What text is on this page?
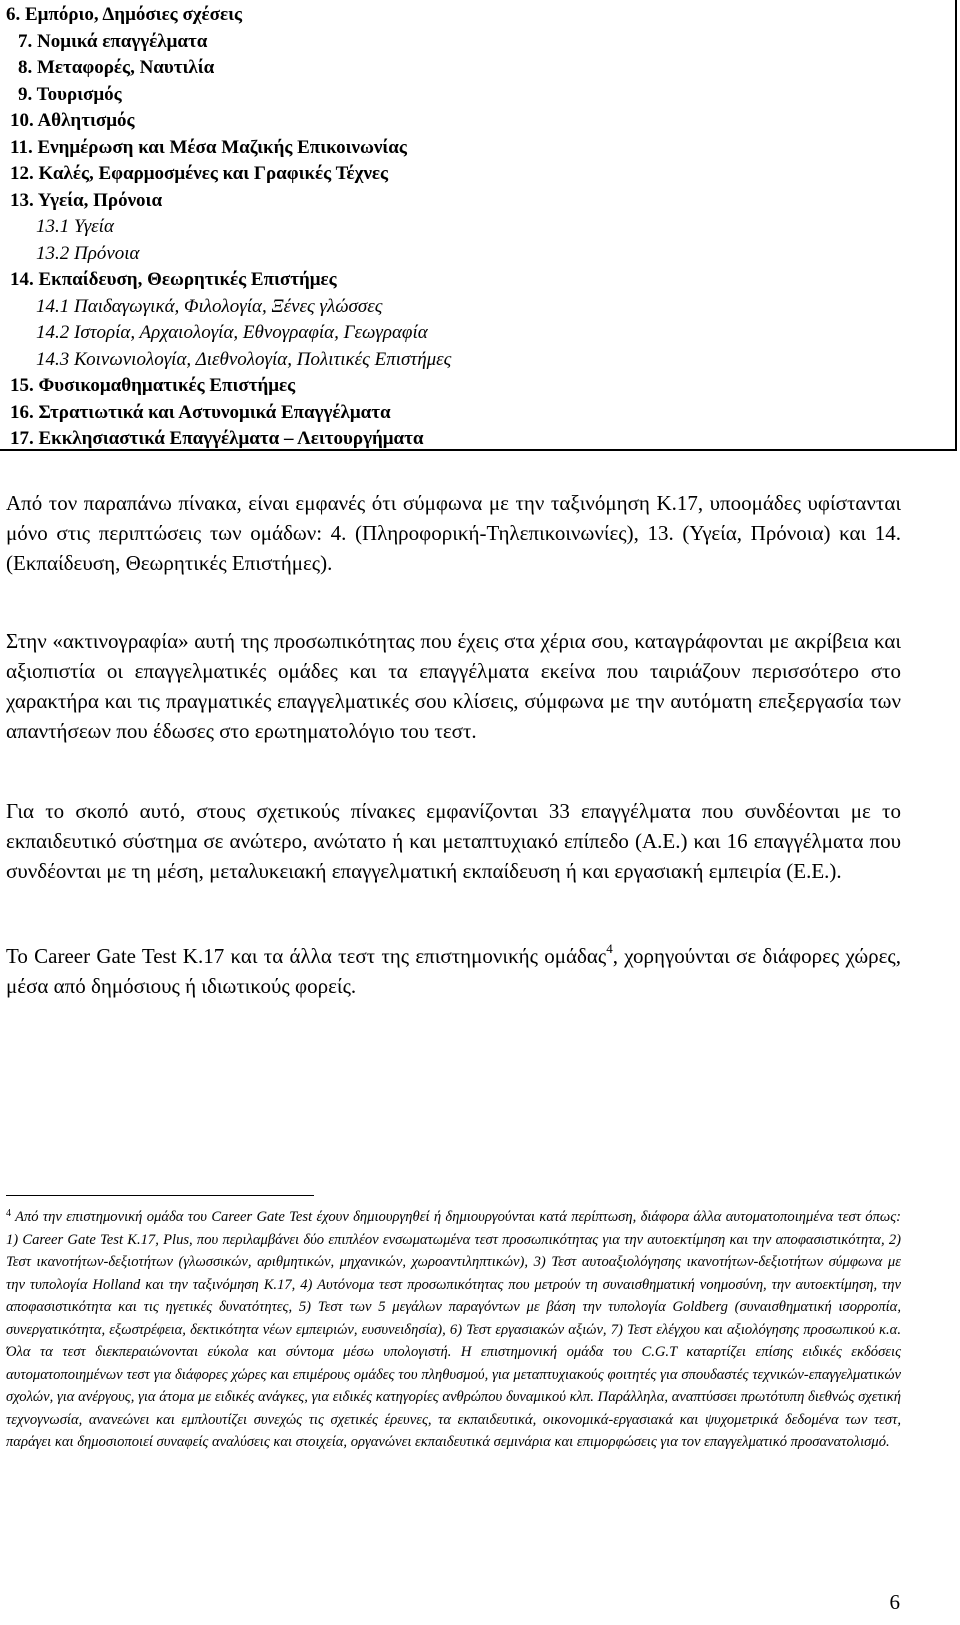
6. Εμπόριο, Δημόσιες σχέσεις
7. Νομικά επαγγέλματα
8. Μεταφορές, Ναυτιλία
9. Τουρισμός
10. Αθλητισμός
11. Ενημέρωση και Μέσα Μαζικής Επικοινωνίας
12. Καλές, Εφαρμοσμένες και Γραφικές Τέχνες
13. Υγεία, Πρόνοια
13.1 Υγεία
13.2 Πρόνοια
14. Εκπαίδευση, Θεωρητικές Επιστήμες
14.1 Παιδαγωγικά, Φιλολογία, Ξένες γλώσσες
14.2 Ιστορία, Αρχαιολογία, Εθνογραφία, Γεωγραφία
14.3 Κοινωνιολογία, Διεθνολογία, Πολιτικές Επιστήμες
15. Φυσικομαθηματικές Επιστήμες
16. Στρατιωτικά και Αστυνομικά Επαγγέλματα
17. Εκκλησιαστικά Επαγγέλματα – Λειτουργήματα

Από τον παραπάνω πίνακα, είναι εμφανές ότι σύμφωνα με την ταξινόμηση Κ.17, υποομάδες υφίστανται μόνο στις περιπτώσεις των ομάδων: 4. (Πληροφορική-Τηλεπικοινωνίες), 13. (Υγεία, Πρόνοια) και 14. (Εκπαίδευση, Θεωρητικές Επιστήμες).

Στην «ακτινογραφία» αυτή της προσωπικότητας που έχεις στα χέρια σου, καταγράφονται με ακρίβεια και αξιοπιστία οι επαγγελματικές ομάδες και τα επαγγέλματα εκείνα που ταιριάζουν περισσότερο στο χαρακτήρα και τις πραγματικές επαγγελματικές σου κλίσεις, σύμφωνα με την αυτόματη επεξεργασία των απαντήσεων που έδωσες στο ερωτηματολόγιο του τεστ.

Για το σκοπό αυτό, στους σχετικούς πίνακες εμφανίζονται 33 επαγγέλματα που συνδέονται με το εκπαιδευτικό σύστημα σε ανώτερο, ανώτατο ή και μεταπτυχιακό επίπεδο (Α.Ε.) και 16 επαγγέλματα που συνδέονται με τη μέση, μεταλυκειακή επαγγελματική εκπαίδευση ή και εργασιακή εμπειρία (Ε.Ε.).

Το Career Gate Test Κ.17 και τα άλλα τεστ της επιστημονικής ομάδας$^4$, χορηγούνται σε διάφορες χώρες, μέσα από δημόσιους ή ιδιωτικούς φορείς.

$^4$ Από την επιστημονική ομάδα του Career Gate Test έχουν δημιουργηθεί ή δημιουργούνται κατά περίπτωση, διάφορα άλλα αυτοματοποιημένα τεστ όπως: 1) Career Gate Test Κ.17, Plus, που περιλαμβάνει δύο επιπλέον ενσωματωμένα τεστ προσωπικότητας για την αυτοεκτίμηση και την αποφασιστικότητα, 2) Τεστ ικανοτήτων-δεξιοτήτων (γλωσσικών, αριθμητικών, μηχανικών, χωροαντιληπτικών), 3) Τεστ αυτοαξιολόγησης ικανοτήτων-δεξιοτήτων σύμφωνα με την τυπολογία Holland και την ταξινόμηση Κ.17, 4) Αυτόνομα τεστ προσωπικότητας που μετρούν τη συναισθηματική νοημοσύνη, την αυτοεκτίμηση, την αποφασιστικότητα και τις ηγετικές δυνατότητες, 5) Τεστ των 5 μεγάλων παραγόντων με βάση την τυπολογία Goldberg (συναισθηματική ισορροπία, συνεργατικότητα, εξωστρέφεια, δεκτικότητα νέων εμπειριών, ευσυνειδησία), 6) Τεστ εργασιακών αξιών, 7) Τεστ ελέγχου και αξιολόγησης προσωπικού κ.α. Όλα τα τεστ διεκπεραιώνονται εύκολα και σύντομα μέσω υπολογιστή. Η επιστημονική ομάδα του C.G.T καταρτίζει επίσης ειδικές εκδόσεις αυτοματοποιημένων τεστ για διάφορες χώρες και επιμέρους ομάδες του πληθυσμού, για μεταπτυχιακούς φοιτητές για σπουδαστές τεχνικών-επαγγελματικών σχολών, για ανέργους, για άτομα με ειδικές ανάγκες, για ειδικές κατηγορίες ανθρώπου δυναμικού κλπ. Παράλληλα, αναπτύσσει πρωτότυπη διεθνώς σχετική τεχνογνωσία, ανανεώνει και εμπλουτίζει συνεχώς τις σχετικές έρευνες, τα εκπαιδευτικά, οικονομικά-εργασιακά και ψυχομετρικά δεδομένα των τεστ, παράγει και δημοσιοποιεί συναφείς αναλύσεις και στοιχεία, οργανώνει εκπαιδευτικά σεμινάρια και επιμορφώσεις για τον επαγγελματικό προσανατολισμό.

6
